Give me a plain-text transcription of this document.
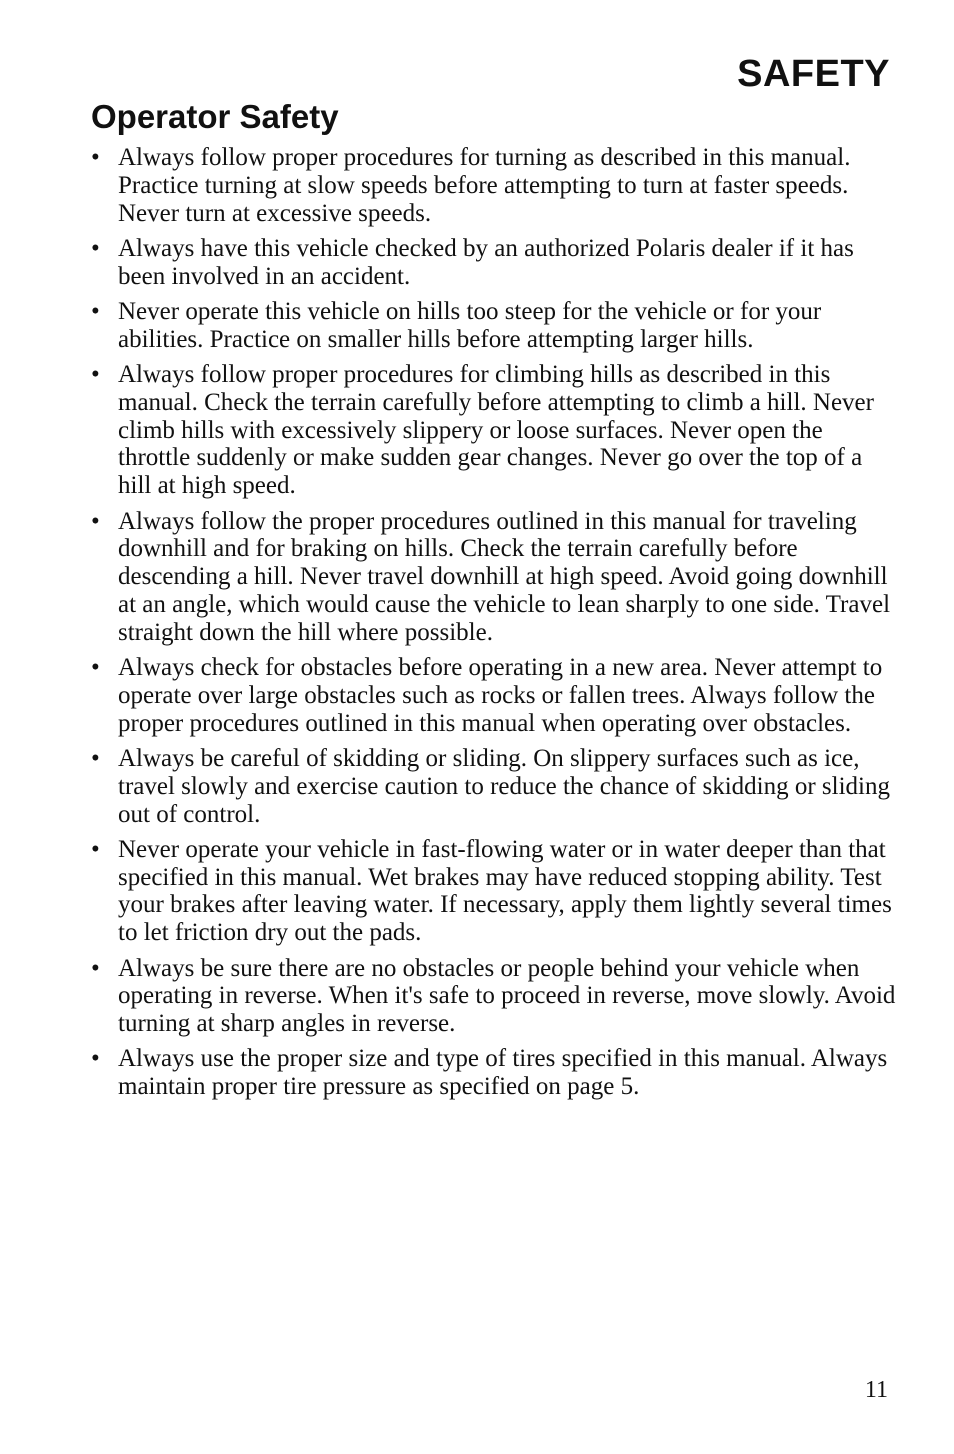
SAFETY
Operator Safety
• Always follow proper procedures for turning as described in this manual. Practice turning at slow speeds before attempting to turn at faster speeds. Never turn at excessive speeds.
• Always have this vehicle checked by an authorized Polaris dealer if it has been involved in an accident.
• Never operate this vehicle on hills too steep for the vehicle or for your abilities. Practice on smaller hills before attempting larger hills.
• Always follow proper procedures for climbing hills as described in this manual. Check the terrain carefully before attempting to climb a hill. Never climb hills with excessively slippery or loose surfaces. Never open the throttle suddenly or make sudden gear changes. Never go over the top of a hill at high speed.
• Always follow the proper procedures outlined in this manual for traveling downhill and for braking on hills. Check the terrain carefully before descending a hill. Never travel downhill at high speed. Avoid going downhill at an angle, which would cause the vehicle to lean sharply to one side. Travel straight down the hill where possible.
• Always check for obstacles before operating in a new area. Never attempt to operate over large obstacles such as rocks or fallen trees. Always follow the proper procedures outlined in this manual when operating over obstacles.
• Always be careful of skidding or sliding. On slippery surfaces such as ice, travel slowly and exercise caution to reduce the chance of skidding or sliding out of control.
• Never operate your vehicle in fast-flowing water or in water deeper than that specified in this manual. Wet brakes may have reduced stopping ability. Test your brakes after leaving water. If necessary, apply them lightly several times to let friction dry out the pads.
• Always be sure there are no obstacles or people behind your vehicle when operating in reverse. When it's safe to proceed in reverse, move slowly. Avoid turning at sharp angles in reverse.
• Always use the proper size and type of tires specified in this manual. Always maintain proper tire pressure as specified on page 5.
11
